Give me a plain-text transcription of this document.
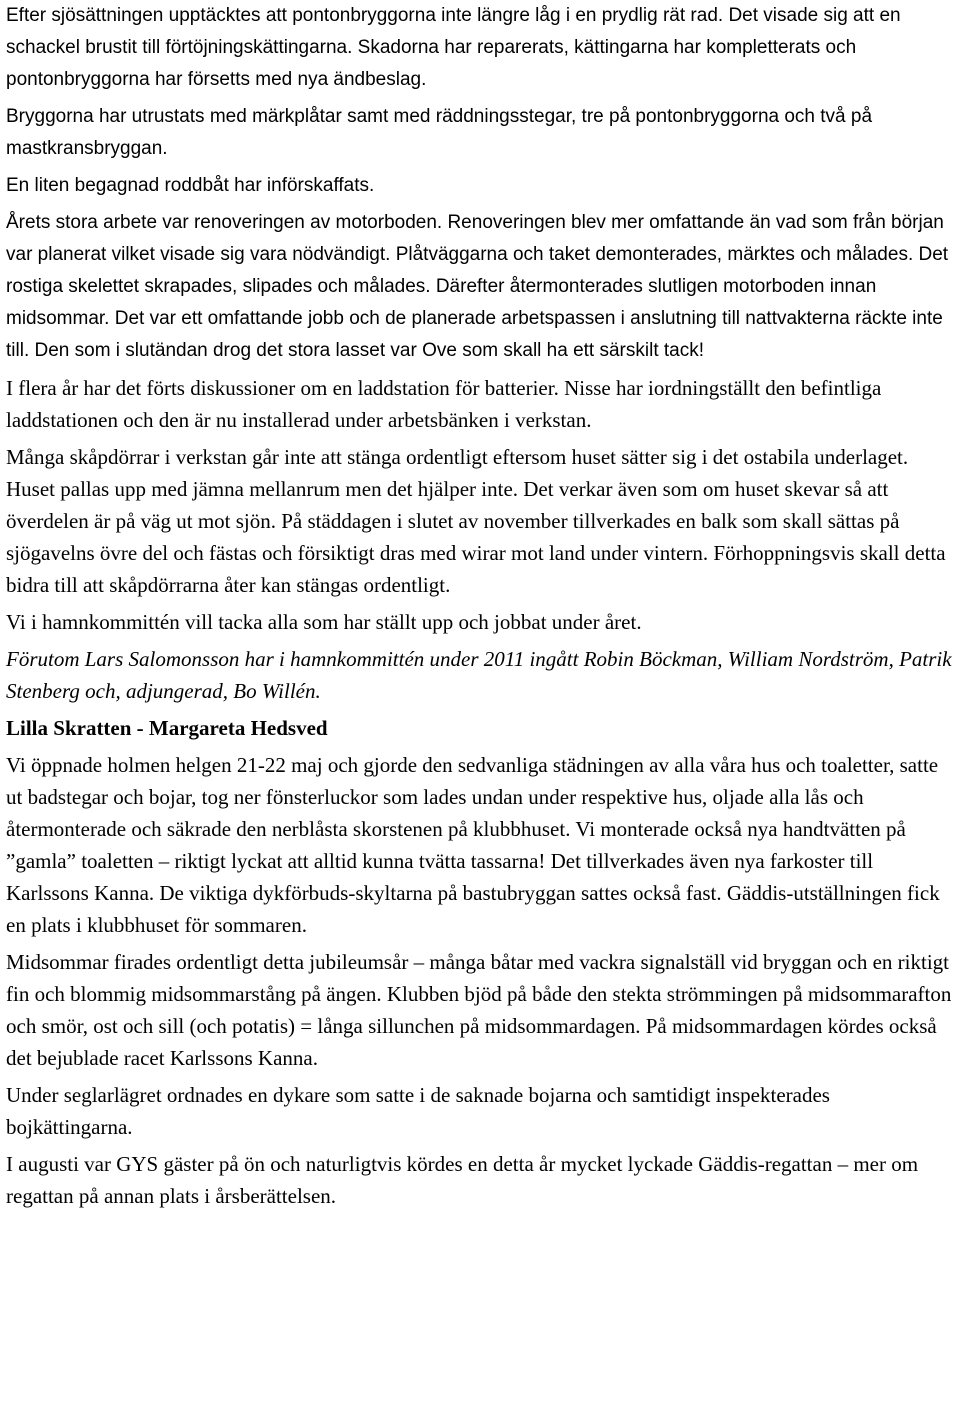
Efter sjösättningen upptäcktes att pontonbryggorna inte längre låg i en prydlig rät rad. Det visade sig att en schackel brustit till förtöjningskättingarna. Skadorna har reparerats, kättingarna har kompletterats och pontonbryggorna har försetts med nya ändbeslag.

Bryggorna har utrustats med märkplåtar samt med räddningsstegar, tre på pontonbryggorna och två på mastkransbryggan.

En liten begagnad roddbåt har införskaffats.

Årets stora arbete var renoveringen av motorboden. Renoveringen blev mer omfattande än vad som från början var planerat vilket visade sig vara nödvändigt. Plåtväggarna och taket demonterades, märktes och målades. Det rostiga skelettet skrapades, slipades och målades. Därefter återmonterades slutligen motorboden innan midsommar. Det var ett omfattande jobb och de planerade arbetspassen i anslutning till nattvakterna räckte inte till. Den som i slutändan drog det stora lasset var Ove som skall ha ett särskilt tack!

I flera år har det förts diskussioner om en laddstation för batterier. Nisse har iordningställt den befintliga laddstationen och den är nu installerad under arbetsbänken i verkstan.

Många skåpdörrar i verkstan går inte att stänga ordentligt eftersom huset sätter sig i det ostabila underlaget. Huset pallas upp med jämna mellanrum men det hjälper inte. Det verkar även som om huset skevar så att överdelen är på väg ut mot sjön. På städdagen i slutet av november tillverkades en balk som skall sättas på sjögavelns övre del och fästas och försiktigt dras med wirar mot land under vintern. Förhoppningsvis skall detta bidra till att skåpdörrarna åter kan stängas ordentligt.

Vi i hamnkommittén vill tacka alla som har ställt upp och jobbat under året.

Förutom Lars Salomonsson har i hamnkommittén under 2011 ingått Robin Böckman, William Nordström, Patrik Stenberg och, adjungerad, Bo Willén.

Lilla Skratten - Margareta Hedsved

Vi öppnade holmen helgen 21-22 maj och gjorde den sedvanliga städningen av alla våra hus och toaletter, satte ut badstegar och bojar, tog ner fönsterluckor som lades undan under respektive hus, oljade alla lås och återmonterade och säkrade den nerblåsta skorstenen på klubbhuset. Vi monterade också nya handtvätten på ”gamla” toaletten – riktigt lyckat att alltid kunna tvätta tassarna! Det tillverkades även nya farkoster till Karlssons Kanna. De viktiga dykförbuds-skyltarna på bastubryggan sattes också fast. Gäddis-utställningen fick en plats i klubbhuset för sommaren.

Midsommar firades ordentligt detta jubileumsår – många båtar med vackra signalställ vid bryggan och en riktigt fin och blommig midsommarstång på ängen. Klubben bjöd på både den stekta strömmingen på midsommarafton och smör, ost och sill (och potatis) = långa sillunchen på midsommardagen. På midsommardagen kördes också det bejublade racet Karlssons Kanna.

Under seglarlägret ordnades en dykare som satte i de saknade bojarna och samtidigt inspekterades bojkättingarna.

I augusti var GYS gäster på ön och naturligtvis kördes en detta år mycket lyckade Gäddis-regattan – mer om regattan på annan plats i årsberättelsen.
